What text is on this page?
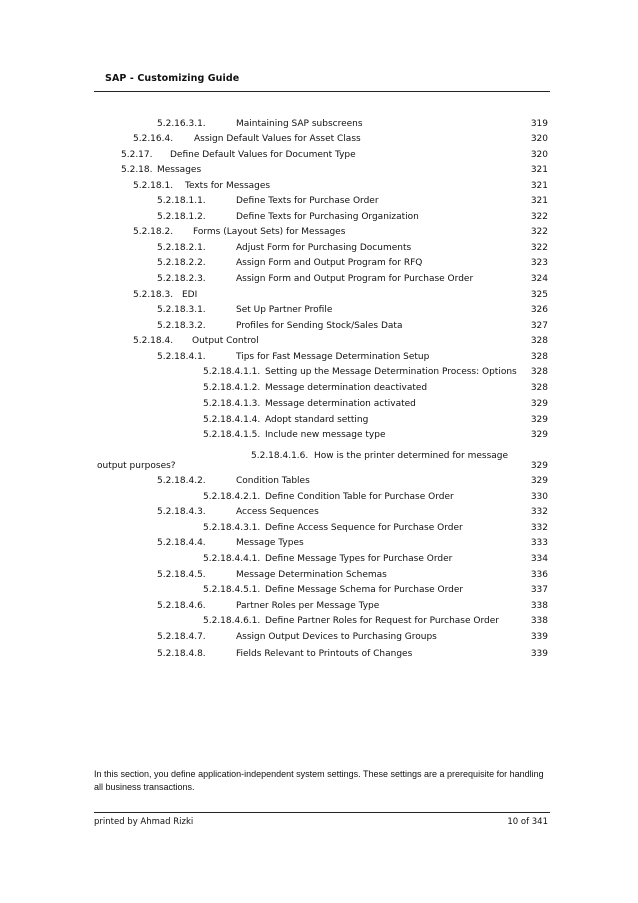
SAP - Customizing Guide
5.2.16.3.1.	Maintaining SAP subscreens	319
5.2.16.4. Assign Default Values for Asset Class	320
5.2.17. Define Default Values for Document Type	320
5.2.18. Messages	321
5.2.18.1. Texts for Messages	321
5.2.18.1.1.	Define Texts for Purchase Order	321
5.2.18.1.2.	Define Texts for Purchasing Organization	322
5.2.18.2. Forms (Layout Sets) for Messages	322
5.2.18.2.1.	Adjust Form for Purchasing Documents	322
5.2.18.2.2.	Assign Form and Output Program for RFQ	323
5.2.18.2.3.	Assign Form and Output Program for Purchase Order	324
5.2.18.3. EDI	325
5.2.18.3.1.	Set Up Partner Profile	326
5.2.18.3.2.	Profiles for Sending Stock/Sales Data	327
5.2.18.4. Output Control	328
5.2.18.4.1.	Tips for Fast Message Determination Setup	328
5.2.18.4.1.1. Setting up the Message Determination Process: Options	328
5.2.18.4.1.2. Message determination deactivated	328
5.2.18.4.1.3. Message determination activated	329
5.2.18.4.1.4. Adopt standard setting	329
5.2.18.4.1.5. Include new message type	329
5.2.18.4.1.6. How is the printer determined for message
output purposes?	329
5.2.18.4.2.	Condition Tables	329
5.2.18.4.2.1. Define Condition Table for Purchase Order	330
5.2.18.4.3.	Access Sequences	332
5.2.18.4.3.1. Define Access Sequence for Purchase Order	332
5.2.18.4.4.	Message Types	333
5.2.18.4.4.1. Define Message Types for Purchase Order	334
5.2.18.4.5.	Message Determination Schemas	336
5.2.18.4.5.1. Define Message Schema for Purchase Order	337
5.2.18.4.6.	Partner Roles per Message Type	338
5.2.18.4.6.1. Define Partner Roles for Request for Purchase Order	338
5.2.18.4.7.	Assign Output Devices to Purchasing Groups	339
5.2.18.4.8.	Fields Relevant to Printouts of Changes	339
In this section, you define application-independent system settings. These settings are a prerequisite for handling all business transactions.
printed by Ahmad Rizki	10 of 341
